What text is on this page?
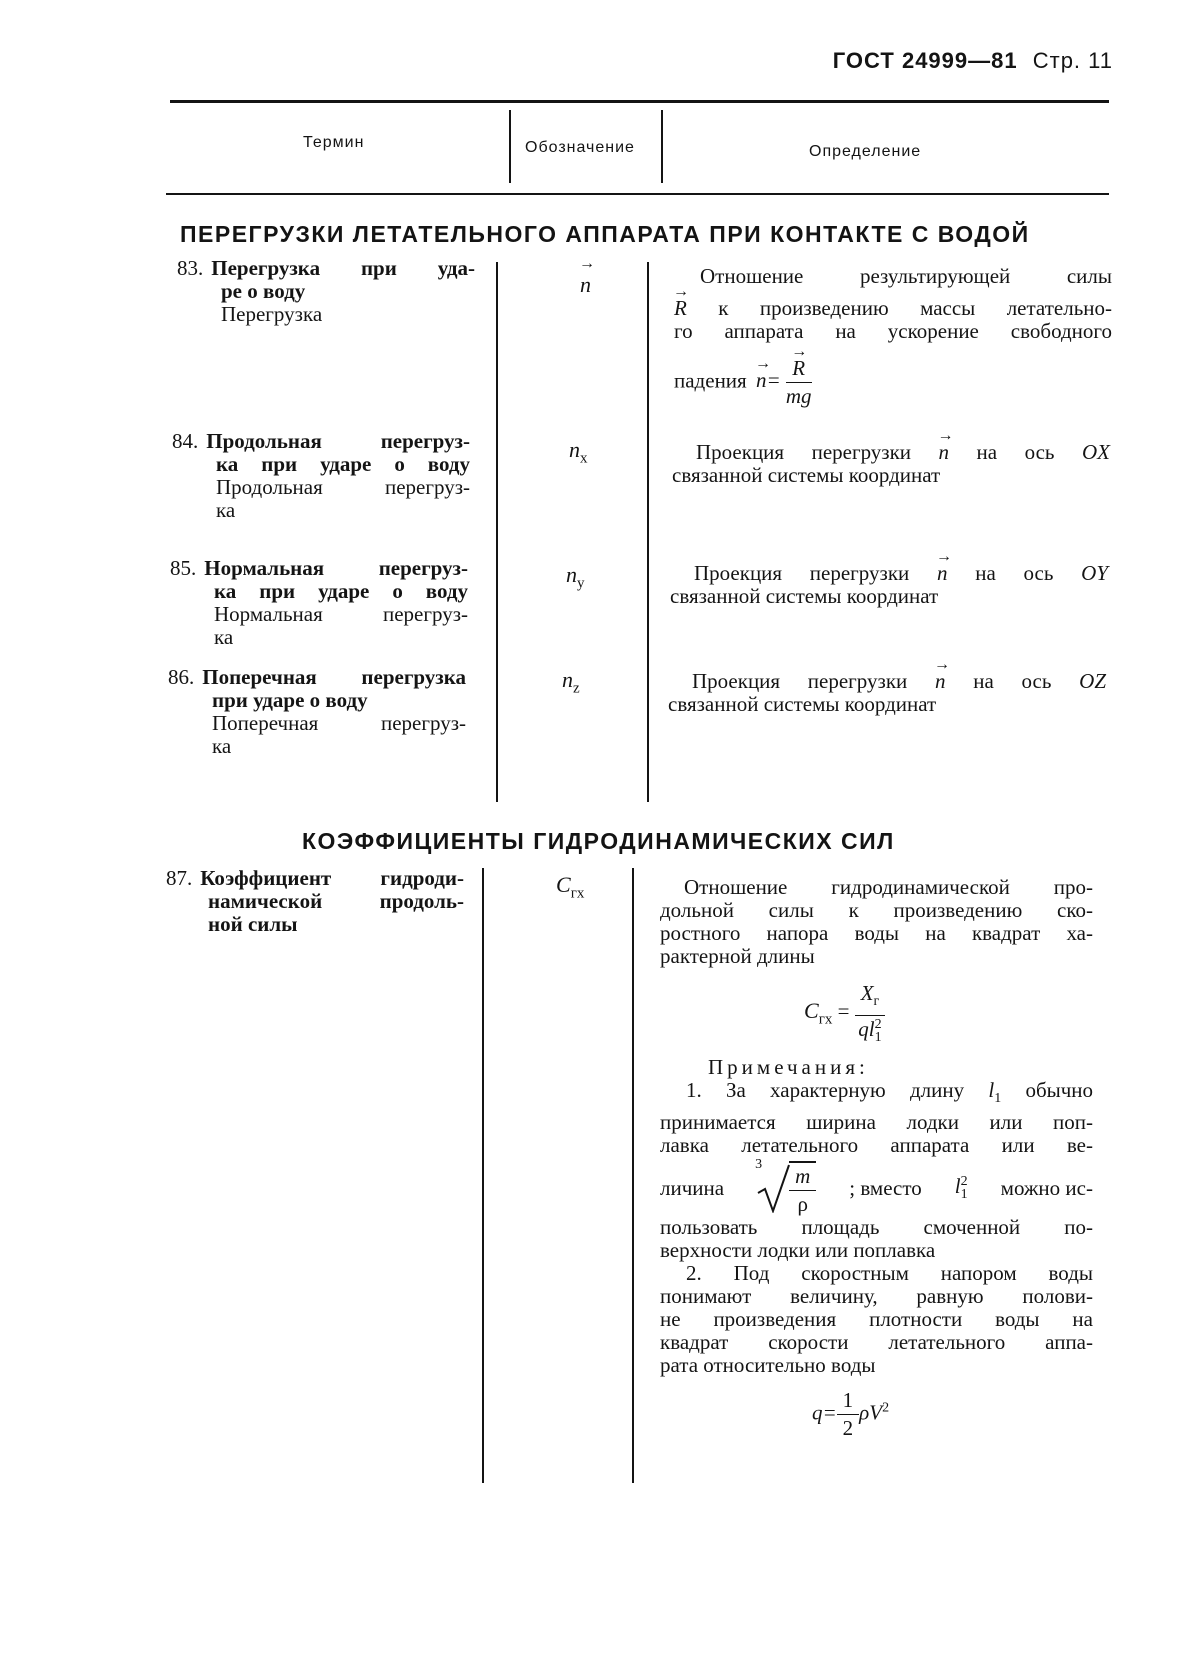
ГОСТ 24999—81 Стр. 11
Термин	Обозначение	Определение
ПЕРЕГРУЗКИ ЛЕТАТЕЛЬНОГО АППАРАТА ПРИ КОНТАКТЕ С ВОДОЙ
83. Перегрузка при уда-
ре о воду
Перегрузка
→ n	Отношение результирующей силы
→ R к произведению массы летательно-
го аппарата на ускорение свободного
падения → n=
→ $\frac{R}{mg}$
84. Продольная перегруз-
ка при ударе о воду
Продольная перегруз-
ка
$n_x$	Проекция перегрузки → n на ось OX
связанной системы координат
85. Нормальная перегруз-
ка при ударе о воду
Нормальная перегруз-
ка
$n_y$	Проекция перегрузки → n на ось OY
связанной системы координат
86. Поперечная перегрузка
при ударе о воду
Поперечная перегруз-
ка
$n_z$	Проекция перегрузки → n на ось OZ
связанной системы координат
КОЭФФИЦИЕНТЫ ГИДРОДИНАМИЧЕСКИХ СИЛ
87. Коэффициент гидроди-
намической продоль-
ной силы
$C_{гх}$	Отношение гидродинамической про-
дольной силы к произведению ско-
ростного напора воды на квадрат ха-
рактерной длины
$C_{гх} = X_г$
ql 2
1
Примечания:
1. За характерную длину $l_1$ обычно
принимается ширина лодки или поп-
лавка летательного аппарата или ве-
личина
$3 \frac{m}{\rho}$ ; вместо l 2
1 можно ис-
пользовать площадь смоченной по-
верхности лодки или поплавка
2. Под скоростным напором воды
понимают величину, равную полови-
не произведения плотности воды на
квадрат скорости летательного аппа-
рата относительно воды
$q= \frac{1}{2} \rho V^2$
